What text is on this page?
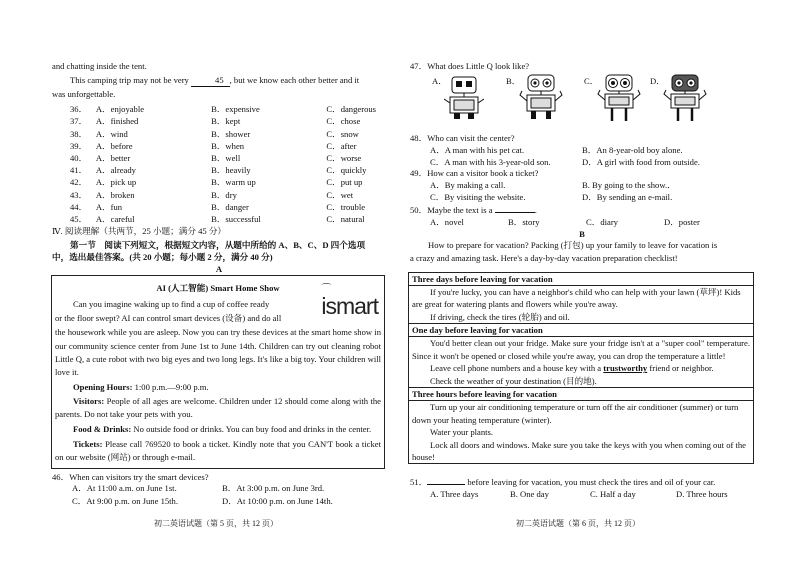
and chatting inside the tent.

This camping trip may not be very	45 , but we know each other better and it

was unforgettable.

36．	A．enjoyable	B．expensive	C．dangerous
37．	A．finished	B．kept	C．chose
38．	A．wind	B．shower	C．snow
39．	A．before	B．when	C．after
40．	A．better	B．well	C．worse
41．	A．already	B．heavily	C．quickly
42．	A．pick up	B．warm up	C．put up
43．	A．broken	B．dry	C．wet
44．	A．fun	B．danger	C．trouble
45．	A．careful	B．successful	C．natural

Ⅳ. 阅读理解（共两节，25 小题；满分 45 分）

第一节　阅读下列短文，根据短文内容，从题中所给的 A、B、C、D 四个选项

中，选出最佳答案。(共 20 小题；每小题 2 分，满分 40 分)

A

AI (人工智能) Smart Home Show	⌒
ismart

Can you imagine waking up to find a cup of coffee ready

or the floor swept? AI can control smart devices (设备) and do all

the housework while you are asleep. Now you can try these devices at the smart home show in our community science center from June 1st to June 14th. Children can try out cleaning robot Little Q, a cute robot with two big eyes and two long legs. It's like a big toy. Your children will love it.

Opening Hours: 1:00 p.m.—9:00 p.m.

Visitors: People of all ages are welcome. Children under 12 should come along with the parents. Do not take your pets with you.

Food & Drinks: No outside food or drinks. You can buy food and drinks in the center.

Tickets: Please call 769520 to book a ticket. Kindly note that you CAN'T book a ticket on our website (网站) or through e-mail.

46．When can visitors try the smart devices?

A．At 11:00 a.m. on June 1st.	B．At 3:00 p.m. on June 3rd.
C．At 9:00 p.m. on June 15th.	D．At 10:00 p.m. on June 14th.
初二英语试题（第 5 页，共 12 页）

47．What does Little Q look like?

A．	B．	C．	D．

48．Who can visit the center?

A．A man with his pet cat.	B．An 8-year-old boy alone.
C．A man with his 3-year-old son.	D．A girl with food from outside.

49．How can a visitor book a ticket?

A．By making a call.	B. By going to the show.．
C．By visiting the website.	D．By sending an e-mail.

50．Maybe the text is a	.

A．novel	B．story	C．diary	D．poster

B

How to prepare for vacation? Packing (打包) up your family to leave for vacation is

a crazy and amazing task. Here's a day-by-day vacation preparation checklist!

Three days before leaving for vacation

If you're lucky, you can have a neighbor's child who can help with your lawn (草坪)! Kids are great for watering plants and flowers while you're away.

If driving, check the tires (轮胎) and oil.

One day before leaving for vacation

You'd better clean out your fridge. Make sure your fridge isn't at a "super cool" temperature. Since it won't be opened or closed while you're away, you can drop the temperature a little!

Leave cell phone numbers and a house key with a trustworthy friend or neighbor.

Check the weather of your destination (目的地).

Three hours before leaving for vacation

Turn up your air conditioning temperature or turn off the air conditioner (summer) or turn down your heating temperature (winter).

Water your plants.

Lock all doors and windows. Make sure you take the keys with you when coming out of the house!

51．	before leaving for vacation, you must check the tires and oil of your car.

A. Three days	B. One day	C. Half a day	D. Three hours
初二英语试题（第 6 页，共 12 页）
